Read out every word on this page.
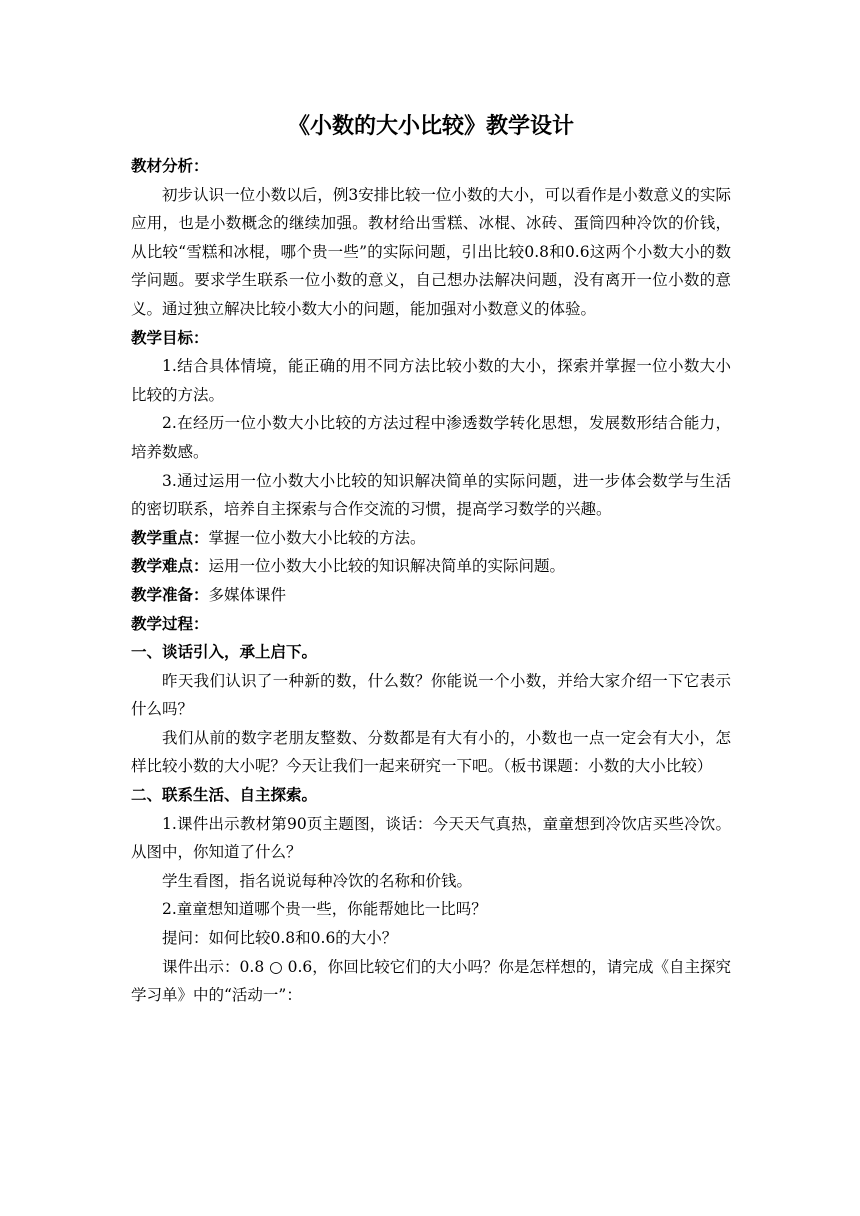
《小数的大小比较》教学设计

教材分析：

初步认识一位小数以后，例3安排比较一位小数的大小，可以看作是小数意义的实际应用，也是小数概念的继续加强。教材给出雪糕、冰棍、冰砖、蛋筒四种冷饮的价钱，从比较“雪糕和冰棍，哪个贵一些”的实际问题，引出比较0.8和0.6这两个小数大小的数学问题。要求学生联系一位小数的意义，自己想办法解决问题，没有离开一位小数的意义。通过独立解决比较小数大小的问题，能加强对小数意义的体验。

教学目标：

1.结合具体情境，能正确的用不同方法比较小数的大小，探索并掌握一位小数大小比较的方法。

2.在经历一位小数大小比较的方法过程中渗透数学转化思想，发展数形结合能力，培养数感。

3.通过运用一位小数大小比较的知识解决简单的实际问题，进一步体会数学与生活的密切联系，培养自主探索与合作交流的习惯，提高学习数学的兴趣。

教学重点：掌握一位小数大小比较的方法。

教学难点：运用一位小数大小比较的知识解决简单的实际问题。

教学准备：多媒体课件

教学过程：

一、谈话引入，承上启下。

昨天我们认识了一种新的数，什么数？你能说一个小数，并给大家介绍一下它表示什么吗？

我们从前的数字老朋友整数、分数都是有大有小的，小数也一点一定会有大小，怎样比较小数的大小呢？今天让我们一起来研究一下吧。（板书课题：小数的大小比较）

二、联系生活、自主探索。

1.课件出示教材第90页主题图，谈话：今天天气真热，童童想到冷饮店买些冷饮。从图中，你知道了什么？

学生看图，指名说说每种冷饮的名称和价钱。

2.童童想知道哪个贵一些，你能帮她比一比吗？

提问：如何比较0.8和0.6的大小？

课件出示：0.8 ○ 0.6，你回比较它们的大小吗？你是怎样想的，请完成《自主探究学习单》中的“活动一”：
